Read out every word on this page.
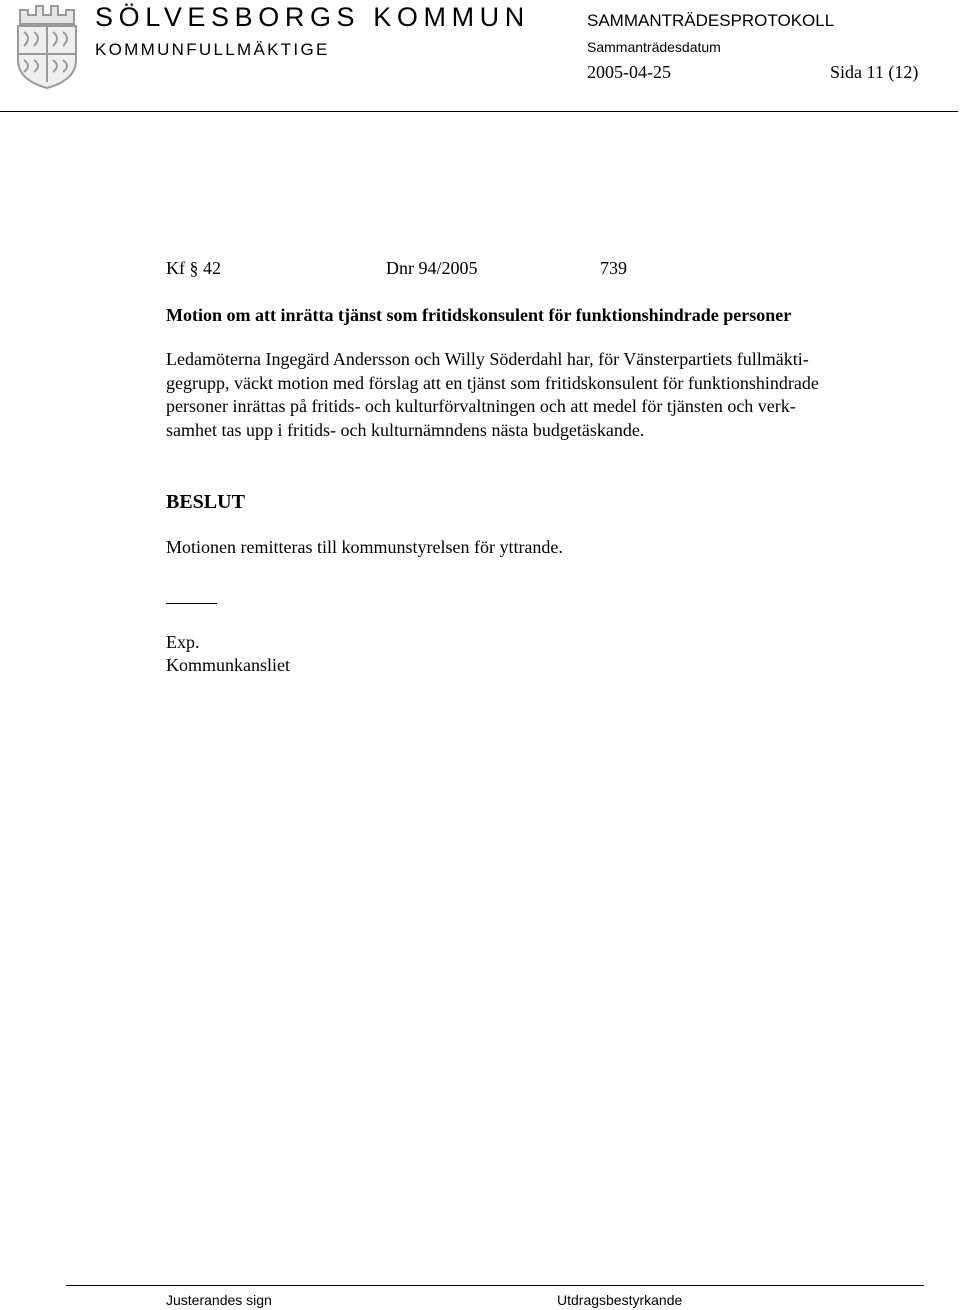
SÖLVESBORGS KOMMUN
KOMMUNFULLMÄKTIGE
SAMMANTRÄDESPROTOKOLL
Sammanträdesdatum
2005-04-25	Sida 11 (12)
Kf § 42	Dnr 94/2005	739
Motion om att inrätta tjänst som fritidskonsulent för funktionshindrade personer
Ledamöterna Ingegärd Andersson och Willy Söderdahl har, för Vänsterpartiets fullmäkti-
gegrupp, väckt motion med förslag att en tjänst som fritidskonsulent för funktionshindrade
personer inrättas på fritids- och kulturförvaltningen och att medel för tjänsten och verk-
samhet tas upp i fritids- och kulturnämndens nästa budgetäskande.
BESLUT
Motionen remitteras till kommunstyrelsen för yttrande.
Exp.
Kommunkansliet
Justerandes sign	Utdragsbestyrkande
